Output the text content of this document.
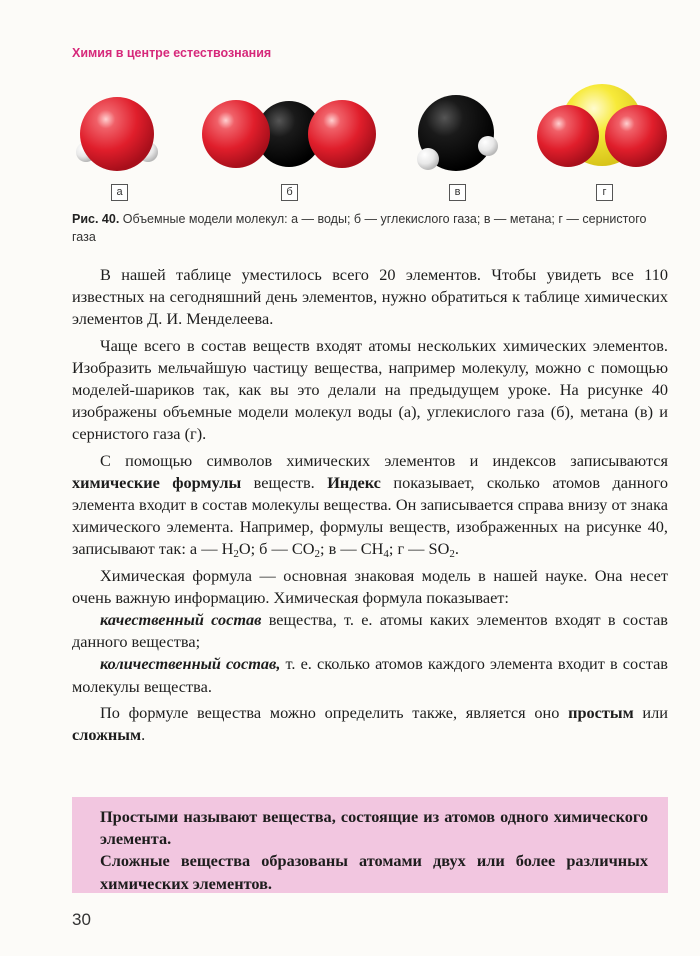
Химия в центре естествознания
а	б	в	г
Рис. 40. Объемные модели молекул: а — воды; б — углекислого газа; в — метана; г — сернистого газа

В нашей таблице уместилось всего 20 элементов. Чтобы увидеть все 110 известных на сегодняшний день элементов, нужно обратиться к таблице химических элементов Д. И. Менделеева.

Чаще всего в состав веществ входят атомы нескольких химических элементов. Изобразить мельчайшую частицу вещества, например молекулу, можно с помощью моделей-шариков так, как вы это делали на предыдущем уроке. На рисунке 40 изображены объемные модели молекул воды (а), углекислого газа (б), метана (в) и сернистого газа (г).

С помощью символов химических элементов и индексов записываются химические формулы веществ. Индекс показывает, сколько атомов данного элемента входит в состав молекулы вещества. Он записывается справа внизу от знака химического элемента. Например, формулы веществ, изображенных на рисунке 40, записывают так: а — $H_2O$; б — $CO_2$; в — $CH_4$; г — $SO_2$.

Химическая формула — основная знаковая модель в нашей науке. Она несет очень важную информацию. Химическая формула показывает:

качественный состав вещества, т. е. атомы каких элементов входят в состав данного вещества;

количественный состав, т. е. сколько атомов каждого элемента входит в состав молекулы вещества.

По формуле вещества можно определить также, является оно простым или сложным.

Простыми называют вещества, состоящие из атомов одного химического элемента.

Сложные вещества образованы атомами двух или более различных химических элементов.

30
